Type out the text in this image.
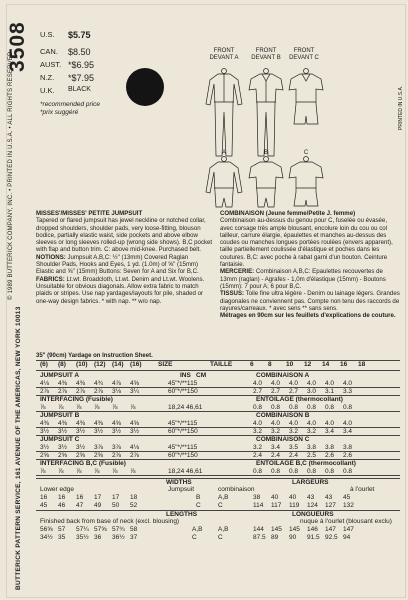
3508
© 1989 BUTTERICK COMPANY, INC. • PRINTED IN U.S.A. • ALL RIGHTS RESERVED
BUTTERICK PATTERN SERVICE, 161 AVENUE OF THE AMERICAS, NEW YORK 10013
U.S. $5.75
CAN. $8.50
AUST. *$6.95
N.Z. *$7.95
U.K. BLACK
*recommended price
*prix suggéré
FRONT DEVANT A
FRONT DEVANT B
FRONT DEVANT C
A	B	C
MISSES'/MISSES' PETITE JUMPSUIT
Tapered or flared jumpsuit has jewel neckline or notched collar, dropped shoulders, shoulder pads, very loose-fitting, blouson bodice, partially elastic waist, side pockets and above elbow sleeves or long sleeves rolled-up (wrong side shows). B,C pocket with flap and button trim. C: above mid-knee. Purchased belt.
NOTIONS: Jumpsuit A,B,C: ½" (13mm) Covered Raglan Shoulder Pads, Hooks and Eyes, 1 yd. (1.0m) of ⅝" (15mm) Elastic and ⅝" (15mm) Buttons: Seven for A and Six for B,C.
FABRICS: Lt.wt. Broadcloth, Lt.wt. Denim and Lt.wt. Woolens. Unsuitable for obvious diagonals. Allow extra fabric to match plaids or stripes. Use nap yardages/layouts for pile, shaded or one-way design fabrics. * with nap. ** w/o nap.
COMBINAISON (Jeune femme/Petite J. femme)
Combinaison au-dessus du genou pour C, fuselée ou évasée, avec corsage très ample blousant, encolure loin du cou ou col tailleur, carrure élargie, épaulettes et manches au-dessus des coudes ou manches longues portées roulées (envers apparent), taille partiellement coulissée d'élastique et poches dans les coutures. B,C: avec poche à rabat garni d'un bouton. Ceinture fantaisie.
MERCERIE: Combinaison A,B,C: Epaulettes recouvertes de 13mm (raglan) - Agrafes - 1,0m d'élastique (15mm) - Boutons (15mm): 7 pour A; 6 pour B,C.
TISSUS: Toile fine ultra légère - Denim ou lainage légers. Grandes diagonales ne conviennent pas. Compte non tenu des raccords de rayures/carreaux. * avec sens ** sans sens.
Métrages en 90cm sur les feuillets d'explications de couture.
35" (90cm) Yardage on Instruction Sheet.
(6) (8) (10) (12) (14) (16)	SIZE	TAILLE	6 8 10 12 14 16 18
JUMPSUIT A	INS CM	COMBINAISON A
4⅛ 4⅜ 4⅜ 4¾ 4⅞ 4⅝	45"*/**115	4.0 4.0 4.0 4.0 4.0 4.0
2⅞ 2⅞ 2⅞ 2⅞ 3⅛ 3¼	60"*/**150	2.7 2.7 2.7 3.0 3.1 3.3
INTERFACING (Fusible)	ENTOILAGE (thermocollant)
⅞ ⅞ ⅞ ⅞ ⅞ ⅞	18,24 46,61	0.8 0.8 0.8 0.8 0.8 0.8
JUMPSUIT B	COMBINAISON B
4⅜ 4⅜ 4⅜ 4⅜ 4⅝ 4⅝	45"*/**115	4.0 4.0 4.0 4.0 4.0 4.0
3½ 3½ 3½ 3½ 3½ 3½	60"*/**150	3.2 3.2 3.2 3.2 3.4 3.4
JUMPSUIT C	COMBINAISON C
3½ 3½ 3½ 3⅞ 3⅞ 4⅛	45"*/**115	3.2 3.4 3.5 3.8 3.8 3.8
2⅝ 2⅝ 2⅝ 2⅝ 2⅞ 2⅞	60"*/**150	2.4 2.4 2.4 2.5 2.6 2.6
INTERFACING B,C (Fusible)	ENTOILAGE B,C (thermocollant)
⅞ ⅞ ⅞ ⅞ ⅞ ⅞	18,24 46,61	0.8 0.8 0.8 0.8 0.8 0.8
WIDTHS	LARGEURS
Lower edge	Jumpsuit	combinaison	à l'ourlet
16 16 16 17 17 18	B	A,B	38 40 40 43 43 45
45 46 47 49 50 52	C	C	114 117 119 124 127 132
LENGTHS	LONGUEURS
Finished back from base of neck (excl. blousing)	nuque à l'ourlet (blousant exclu)
56⅝ 57 57¼ 57⅝ 57¾ 58	A,B A,B	144 145 145 146 147 147
34½ 35 35½ 36 36½ 37	C	C	87.5 89 90 91.5 92.5 94
PRINTED IN U.S.A.
